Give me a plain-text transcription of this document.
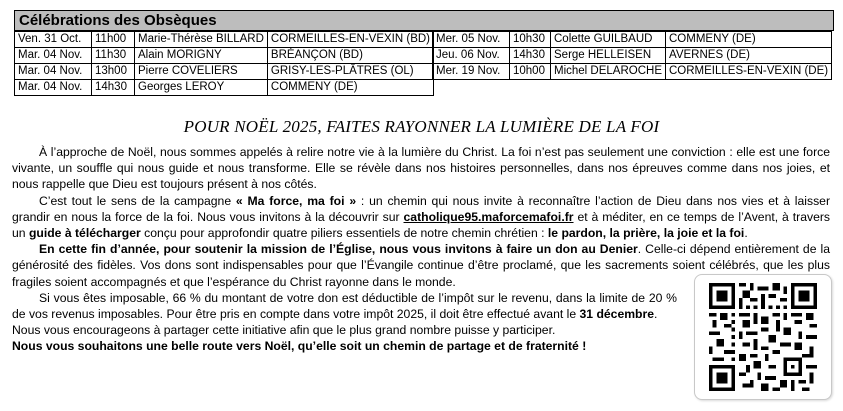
Célébrations des Obsèques
Ven. 31 Oct.	11h00	Marie-Thérèse BILLARD	CORMEILLES-EN-VEXIN (BD)
Mar. 04 Nov.	11h30	Alain MORIGNY	BRÉANÇON (BD)
Mar. 04 Nov.	13h00	Pierre COVELIERS	GRISY-LES-PLÂTRES (OL)
Mar. 04 Nov.	14h30	Georges LEROY	COMMENY (DE)
Mer. 05 Nov.	10h30	Colette GUILBAUD	COMMENY (DE)
Jeu. 06 Nov.	14h30	Serge HELLEISEN	AVERNES (DE)
Mer. 19 Nov.	10h00	Michel DELAROCHE	CORMEILLES-EN-VEXIN (DE)
POUR NOËL 2025, FAITES RAYONNER LA LUMIÈRE DE LA FOI

À l’approche de Noël, nous sommes appelés à relire notre vie à la lumière du Christ. La foi n’est pas seulement une conviction : elle est une force vivante, un souffle qui nous guide et nous transforme. Elle se révèle dans nos histoires personnelles, dans nos épreuves comme dans nos joies, et nous rappelle que Dieu est toujours présent à nos côtés.

C’est tout le sens de la campagne « Ma force, ma foi » : un chemin qui nous invite à reconnaître l’action de Dieu dans nos vies et à laisser grandir en nous la force de la foi. Nous vous invitons à la découvrir sur catholique95.maforcemafoi.fr et à méditer, en ce temps de l’Avent, à travers un guide à télécharger conçu pour approfondir quatre piliers essentiels de notre chemin chrétien : le pardon, la prière, la joie et la foi.

En cette fin d’année, pour soutenir la mission de l’Église, nous vous invitons à faire un don au Denier. Celle-ci dépend entièrement de la générosité des fidèles. Vos dons sont indispensables pour que l’Évangile continue d’être proclamé, que les sacrements soient célébrés, que les plus fragiles soient accompagnés et que l’espérance du Christ rayonne dans le monde.

Si vous êtes imposable, 66 % du montant de votre don est déductible de l’impôt sur le revenu, dans la limite de 20 % de vos revenus imposables. Pour être pris en compte dans votre impôt 2025, il doit être effectué avant le 31 décembre.

Nous vous encourageons à partager cette initiative afin que le plus grand nombre puisse y participer.

Nous vous souhaitons une belle route vers Noël, qu’elle soit un chemin de partage et de fraternité !
